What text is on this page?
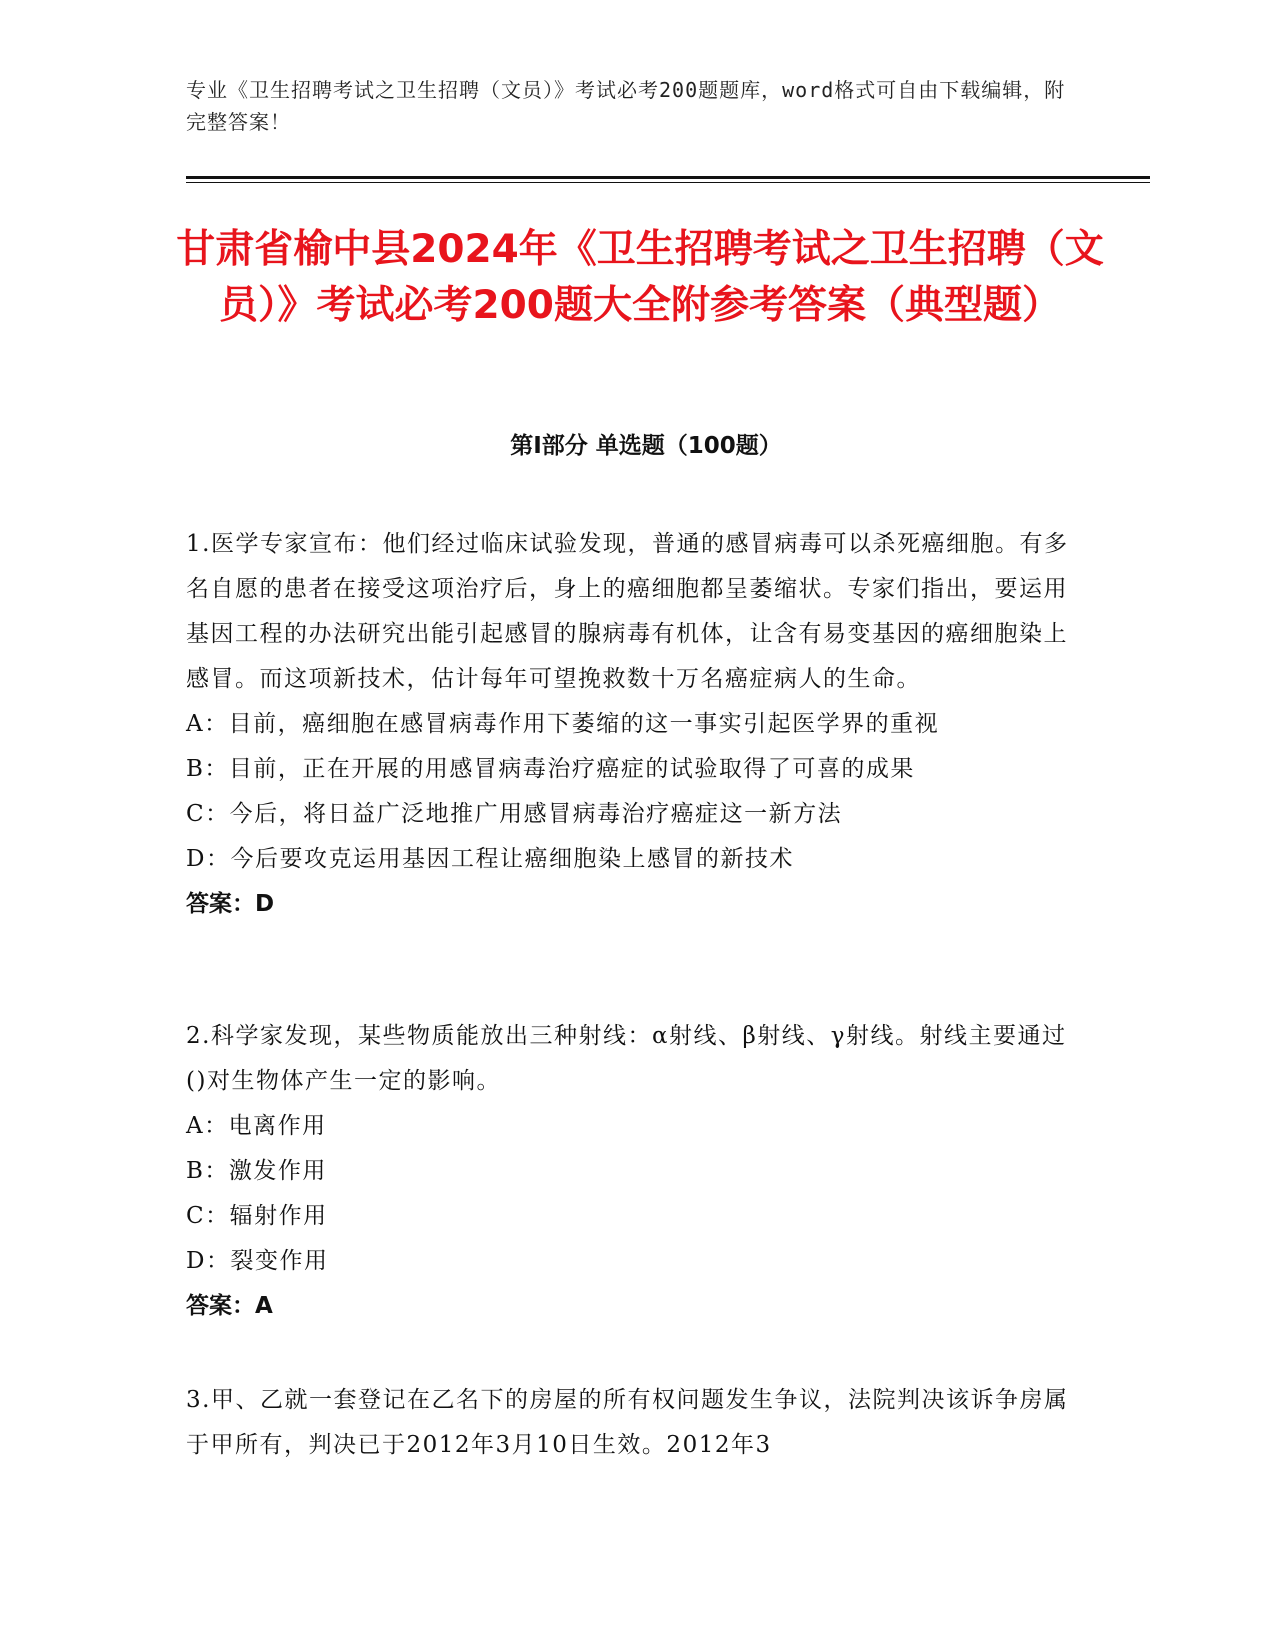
专业《卫生招聘考试之卫生招聘（文员）》考试必考200题题库，word格式可自由下载编辑，附完整答案！
甘肃省榆中县2024年《卫生招聘考试之卫生招聘（文员）》考试必考200题大全附参考答案（典型题）
第Ⅰ部分 单选题（100题）

1.医学专家宣布：他们经过临床试验发现，普通的感冒病毒可以杀死癌细胞。有多名自愿的患者在接受这项治疗后，身上的癌细胞都呈萎缩状。专家们指出，要运用基因工程的办法研究出能引起感冒的腺病毒有机体，让含有易变基因的癌细胞染上感冒。而这项新技术，估计每年可望挽救数十万名癌症病人的生命。

A：目前，癌细胞在感冒病毒作用下萎缩的这一事实引起医学界的重视

B：目前，正在开展的用感冒病毒治疗癌症的试验取得了可喜的成果

C：今后，将日益广泛地推广用感冒病毒治疗癌症这一新方法

D：今后要攻克运用基因工程让癌细胞染上感冒的新技术

答案：D

2.科学家发现，某些物质能放出三种射线：α射线、β射线、γ射线。射线主要通过()对生物体产生一定的影响。

A：电离作用

B：激发作用

C：辐射作用

D：裂变作用

答案：A

3.甲、乙就一套登记在乙名下的房屋的所有权问题发生争议，法院判决该诉争房属于甲所有，判决已于2012年3月10日生效。2012年3
